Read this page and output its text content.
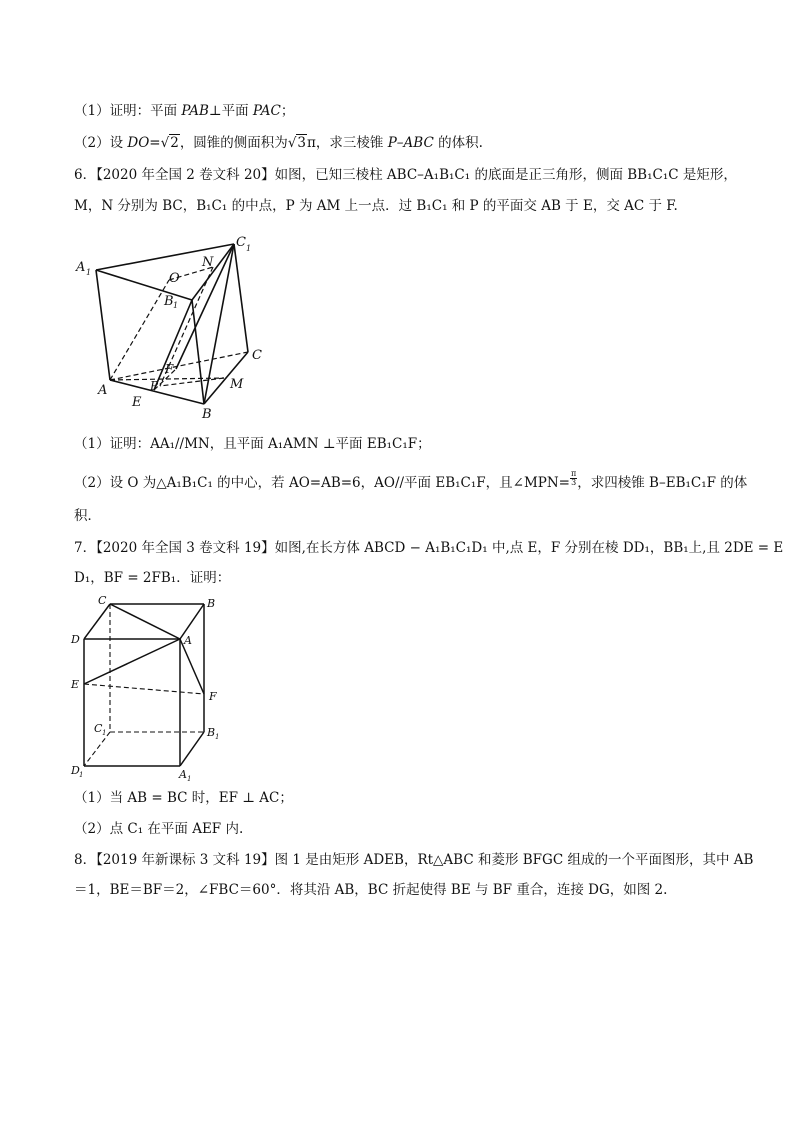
（1）证明：平面 PAB⊥平面 PAC；
（2）设 DO=√2，圆锥的侧面积为√3π，求三棱锥 P–ABC 的体积.
6．【2020 年全国 2 卷文科 20】如图，已知三棱柱 ABC–A₁B₁C₁ 的底面是正三角形，侧面 BB₁C₁C 是矩形，
M，N 分别为 BC，B₁C₁ 的中点，P 为 AM 上一点．过 B₁C₁ 和 P 的平面交 AB 于 E，交 AC 于 F.
A 1
C 1
O
N
B 1
F
C
A	P
E
M
B
（1）证明：AA₁//MN，且平面 A₁AMN ⊥平面 EB₁C₁F；
（2）设 O 为△A₁B₁C₁ 的中心，若 AO=AB=6，AO//平面 EB₁C₁F，且∠MPN= $\frac{\pi}{3}$ ，求四棱锥 B–EB₁C₁F 的体
积．
7．【2020 年全国 3 卷文科 19】如图,在长方体 ABCD − A₁B₁C₁D₁ 中,点 E，F 分别在棱 DD₁，BB₁上,且 2DE = E
D₁，BF = 2FB₁．证明：
C	B
D	A
E
F
C 1	B 1
D 1	A 1
（1）当 AB = BC 时，EF ⊥ AC；
（2）点 C₁ 在平面 AEF 内.
8．【2019 年新课标 3 文科 19】图 1 是由矩形 ADEB，Rt△ABC 和菱形 BFGC 组成的一个平面图形，其中 AB
＝1，BE＝BF＝2，∠FBC＝60°．将其沿 AB，BC 折起使得 BE 与 BF 重合，连接 DG，如图 2.
